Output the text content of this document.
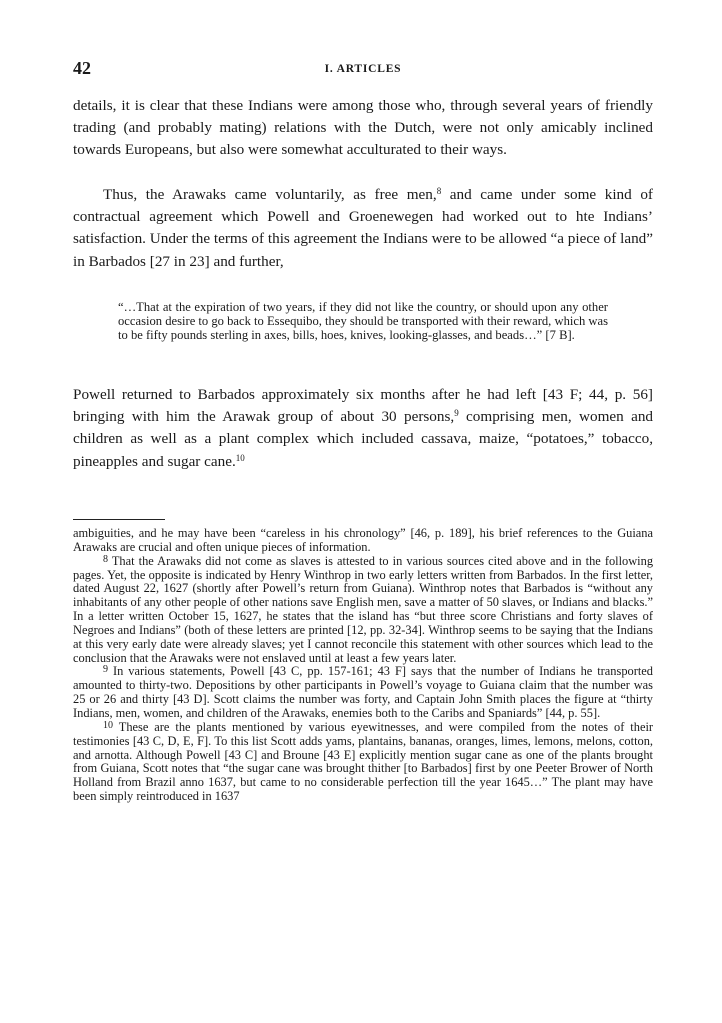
42	I. ARTICLES

details, it is clear that these Indians were among those who, through several years of friendly trading (and probably mating) relations with the Dutch, were not only amicably inclined towards Europeans, but also were somewhat acculturated to their ways.

Thus, the Arawaks came voluntarily, as free men,$^8$ and came under some kind of contractual agreement which Powell and Groenewegen had worked out to hte Indians’ satisfaction. Under the terms of this agreement the Indians were to be allowed “a piece of land” in Barbados [27 in 23] and further,

“…That at the expiration of two years, if they did not like the country, or should upon any other occasion desire to go back to Essequibo, they should be transported with their reward, which was to be fifty pounds sterling in axes, bills, hoes, knives, looking-glasses, and beads…” [7 B].

Powell returned to Barbados approximately six months after he had left [43 F; 44, p. 56] bringing with him the Arawak group of about 30 persons,$^9$ comprising men, women and children as well as a plant complex which included cassava, maize, “potatoes,” tobacco, pineapples and sugar cane.$^{10}$

ambiguities, and he may have been “careless in his chronology” [46, p. 189], his brief references to the Guiana Arawaks are crucial and often unique pieces of information.

$^8$ That the Arawaks did not come as slaves is attested to in various sources cited above and in the following pages. Yet, the opposite is indicated by Henry Winthrop in two early letters written from Barbados. In the first letter, dated August 22, 1627 (shortly after Powell’s return from Guiana). Winthrop notes that Barbados is “without any inhabitants of any other people of other nations save English men, save a matter of 50 slaves, or Indians and blacks.” In a letter written October 15, 1627, he states that the island has “but three score Christians and forty slaves of Negroes and Indians” (both of these letters are printed [12, pp. 32-34]. Winthrop seems to be saying that the Indians at this very early date were already slaves; yet I cannot reconcile this statement with other sources which lead to the conclusion that the Arawaks were not enslaved until at least a few years later.

$^9$ In various statements, Powell [43 C, pp. 157-161; 43 F] says that the number of Indians he transported amounted to thirty-two. Depositions by other participants in Powell’s voyage to Guiana claim that the number was 25 or 26 and thirty [43 D]. Scott claims the number was forty, and Captain John Smith places the figure at “thirty Indians, men, women, and children of the Arawaks, enemies both to the Caribs and Spaniards” [44, p. 55].

$^{10}$ These are the plants mentioned by various eyewitnesses, and were compiled from the notes of their testimonies [43 C, D, E, F]. To this list Scott adds yams, plantains, bananas, oranges, limes, lemons, melons, cotton, and arnotta. Although Powell [43 C] and Broune [43 E] explicitly mention sugar cane as one of the plants brought from Guiana, Scott notes that “the sugar cane was brought thither [to Barbados] first by one Peeter Brower of North Holland from Brazil anno 1637, but came to no considerable perfection till the year 1645…” The plant may have been simply reintroduced in 1637
